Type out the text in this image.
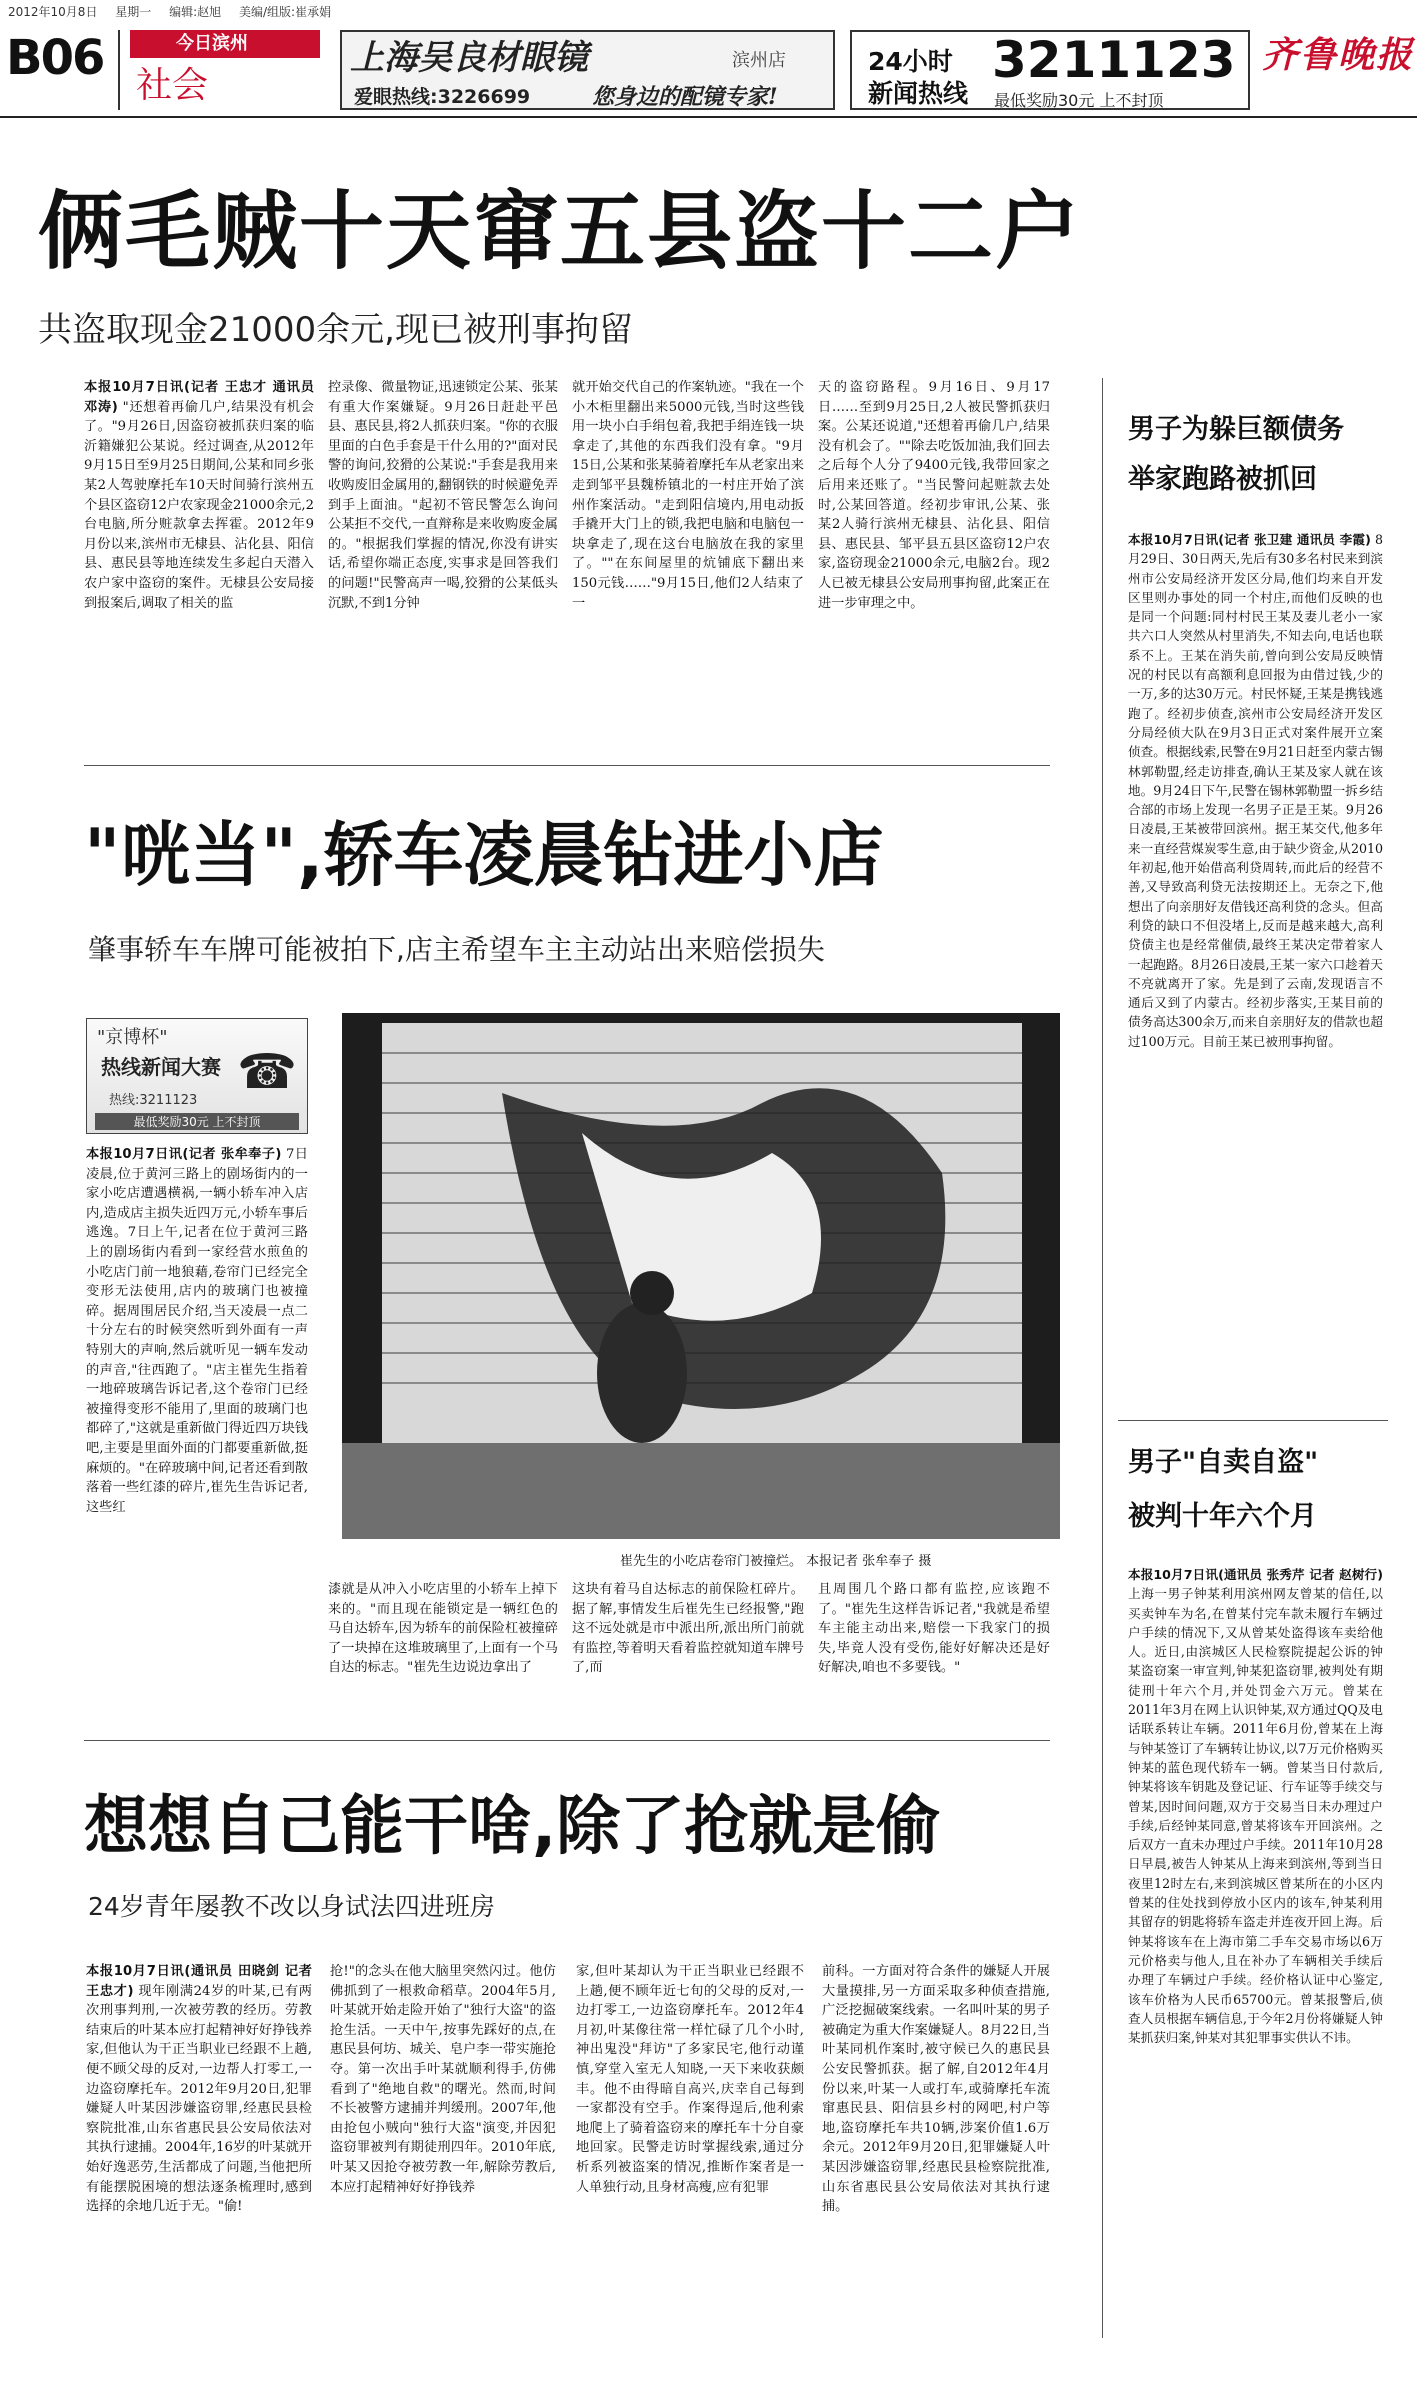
2012年10月8日 星期一 编辑:赵旭 美编/组版:崔承娟
B06	今日滨州
社会
上海吴良材眼镜	滨州店
爱眼热线:3226699	您身边的配镜专家!
24小时
新闻热线
3211123
最低奖励30元 上不封顶
齐鲁晚报
俩毛贼十天窜五县盗十二户
共盗取现金21000余元,现已被刑事拘留
本报10月7日讯(记者 王忠才 通讯员 邓涛) "还想着再偷几户,结果没有机会了。"9月26日,因盗窃被抓获归案的临沂籍嫌犯公某说。经过调查,从2012年9月15日至9月25日期间,公某和同乡张某2人驾驶摩托车10天时间骑行滨州五个县区盗窃12户农家现金21000余元,2台电脑,所分赃款拿去挥霍。2012年9月份以来,滨州市无棣县、沾化县、阳信县、惠民县等地连续发生多起白天潜入农户家中盗窃的案件。无棣县公安局接到报案后,调取了相关的监
控录像、微量物证,迅速锁定公某、张某有重大作案嫌疑。9月26日赶赴平邑县、惠民县,将2人抓获归案。"你的衣服里面的白色手套是干什么用的?"面对民警的询问,狡猾的公某说:"手套是我用来收购废旧金属用的,翻钢铁的时候避免弄到手上面油。"起初不管民警怎么询问公某拒不交代,一直辩称是来收购废金属的。"根据我们掌握的情况,你没有讲实话,希望你端正态度,实事求是回答我们的问题!"民警高声一喝,狡猾的公某低头沉默,不到1分钟
就开始交代自己的作案轨迹。"我在一个小木柜里翻出来5000元钱,当时这些钱用一块小白手绢包着,我把手绢连钱一块拿走了,其他的东西我们没有拿。"9月15日,公某和张某骑着摩托车从老家出来走到邹平县魏桥镇北的一村庄开始了滨州作案活动。"走到阳信境内,用电动扳手撬开大门上的锁,我把电脑和电脑包一块拿走了,现在这台电脑放在我的家里了。""在东间屋里的炕铺底下翻出来150元钱……"9月15日,他们2人结束了一
天的盗窃路程。9月16日、9月17日……至到9月25日,2人被民警抓获归案。公某还说道,"还想着再偷几户,结果没有机会了。""除去吃饭加油,我们回去之后每个人分了9400元钱,我带回家之后用来还账了。"当民警问起赃款去处时,公某回答道。经初步审讯,公某、张某2人骑行滨州无棣县、沾化县、阳信县、惠民县、邹平县五县区盗窃12户农家,盗窃现金21000余元,电脑2台。现2人已被无棣县公安局刑事拘留,此案正在进一步审理之中。
男子为躲巨额债务
举家跑路被抓回
本报10月7日讯(记者 张卫建 通讯员 李霞) 8月29日、30日两天,先后有30多名村民来到滨州市公安局经济开发区分局,他们均来自开发区里则办事处的同一个村庄,而他们反映的也是同一个问题:同村村民王某及妻儿老小一家共六口人突然从村里消失,不知去向,电话也联系不上。王某在消失前,曾向到公安局反映情况的村民以有高额利息回报为由借过钱,少的一万,多的达30万元。村民怀疑,王某是携钱逃跑了。经初步侦查,滨州市公安局经济开发区分局经侦大队在9月3日正式对案件展开立案侦查。根据线索,民警在9月21日赶至内蒙古锡林郭勒盟,经走访排查,确认王某及家人就在该地。9月24日下午,民警在锡林郭勒盟一拆乡结合部的市场上发现一名男子正是王某。9月26日凌晨,王某被带回滨州。据王某交代,他多年来一直经营煤炭零生意,由于缺少资金,从2010年初起,他开始借高利贷周转,而此后的经营不善,又导致高利贷无法按期还上。无奈之下,他想出了向亲朋好友借钱还高利贷的念头。但高利贷的缺口不但没堵上,反而是越来越大,高利贷债主也是经常催债,最终王某决定带着家人一起跑路。8月26日凌晨,王某一家六口趁着天不亮就离开了家。先是到了云南,发现语言不通后又到了内蒙古。经初步落实,王某目前的债务高达300余万,而来自亲朋好友的借款也超过100万元。目前王某已被刑事拘留。
"咣当",轿车凌晨钻进小店
肇事轿车车牌可能被拍下,店主希望车主主动站出来赔偿损失
"京博杯"
热线新闻大赛 ☎
热线:3211123
最低奖励30元 上不封顶
本报10月7日讯(记者 张牟奉子) 7日凌晨,位于黄河三路上的剧场街内的一家小吃店遭遇横祸,一辆小轿车冲入店内,造成店主损失近四万元,小轿车事后逃逸。7日上午,记者在位于黄河三路上的剧场街内看到一家经营水煎鱼的小吃店门前一地狼藉,卷帘门已经完全变形无法使用,店内的玻璃门也被撞碎。据周围居民介绍,当天凌晨一点二十分左右的时候突然听到外面有一声特别大的声响,然后就听见一辆车发动的声音,"往西跑了。"店主崔先生指着一地碎玻璃告诉记者,这个卷帘门已经被撞得变形不能用了,里面的玻璃门也都碎了,"这就是重新做门得近四万块钱吧,主要是里面外面的门都要重新做,挺麻烦的。"在碎玻璃中间,记者还看到散落着一些红漆的碎片,崔先生告诉记者,这些红
崔先生的小吃店卷帘门被撞烂。 本报记者 张牟奉子 摄
漆就是从冲入小吃店里的小轿车上掉下来的。"而且现在能锁定是一辆红色的马自达轿车,因为轿车的前保险杠被撞碎了一块掉在这堆玻璃里了,上面有一个马自达的标志。"崔先生边说边拿出了
这块有着马自达标志的前保险杠碎片。据了解,事情发生后崔先生已经报警,"跑这不远处就是市中派出所,派出所门前就有监控,等着明天看着监控就知道车牌号了,而
且周围几个路口都有监控,应该跑不了。"崔先生这样告诉记者,"我就是希望车主能主动出来,赔偿一下我家门的损失,毕竟人没有受伤,能好好解决还是好好解决,咱也不多要钱。"
男子"自卖自盗"
被判十年六个月
本报10月7日讯(通讯员 张秀芹 记者 赵树行) 上海一男子钟某利用滨州网友曾某的信任,以买卖钟车为名,在曾某付完车款未履行车辆过户手续的情况下,又从曾某处盗得该车卖给他人。近日,由滨城区人民检察院提起公诉的钟某盗窃案一审宣判,钟某犯盗窃罪,被判处有期徒刑十年六个月,并处罚金六万元。曾某在2011年3月在网上认识钟某,双方通过QQ及电话联系转让车辆。2011年6月份,曾某在上海与钟某签订了车辆转让协议,以7万元价格购买钟某的蓝色现代轿车一辆。曾某当日付款后,钟某将该车钥匙及登记证、行车证等手续交与曾某,因时间问题,双方于交易当日未办理过户手续,后经钟某同意,曾某将该车开回滨州。之后双方一直未办理过户手续。2011年10月28日早晨,被告人钟某从上海来到滨州,等到当日夜里12时左右,来到滨城区曾某所在的小区内曾某的住处找到停放小区内的该车,钟某利用其留存的钥匙将轿车盗走并连夜开回上海。后钟某将该车在上海市第二手车交易市场以6万元价格卖与他人,且在补办了车辆相关手续后办理了车辆过户手续。经价格认证中心鉴定,该车价格为人民币65700元。曾某报警后,侦查人员根据车辆信息,于今年2月份将嫌疑人钟某抓获归案,钟某对其犯罪事实供认不讳。
想想自己能干啥,除了抢就是偷
24岁青年屡教不改以身试法四进班房
本报10月7日讯(通讯员 田晓剑 记者 王忠才) 现年刚满24岁的叶某,已有两次刑事判刑,一次被劳教的经历。劳教结束后的叶某本应打起精神好好挣钱养家,但他认为干正当职业已经跟不上趟,便不顾父母的反对,一边帮人打零工,一边盗窃摩托车。2012年9月20日,犯罪嫌疑人叶某因涉嫌盗窃罪,经惠民县检察院批准,山东省惠民县公安局依法对其执行逮捕。2004年,16岁的叶某就开始好逸恶劳,生活都成了问题,当他把所有能摆脱困境的想法逐条梳理时,感到选择的余地几近于无。"偷!
抢!"的念头在他大脑里突然闪过。他仿佛抓到了一根救命稻草。2004年5月,叶某就开始走险开始了"独行大盗"的盗抢生活。一天中午,按事先踩好的点,在惠民县何坊、城关、皂户李一带实施抢夺。第一次出手叶某就顺利得手,仿佛看到了"绝地自救"的曙光。然而,时间不长被警方逮捕并判缓刑。2007年,他由抢包小贼向"独行大盗"演变,并因犯盗窃罪被判有期徒刑四年。2010年底,叶某又因抢夺被劳教一年,解除劳教后,本应打起精神好好挣钱养
家,但叶某却认为干正当职业已经跟不上趟,便不顾年近七旬的父母的反对,一边打零工,一边盗窃摩托车。2012年4月初,叶某像往常一样忙碌了几个小时,神出鬼没"拜访"了多家民宅,他行动谨慎,穿堂入室无人知晓,一天下来收获颇丰。他不由得暗自高兴,庆幸自己每到一家都没有空手。作案得逞后,他利索地爬上了骑着盗窃来的摩托车十分自豪地回家。民警走访时掌握线索,通过分析系列被盗案的情况,推断作案者是一人单独行动,且身材高瘦,应有犯罪
前科。一方面对符合条件的嫌疑人开展大量摸排,另一方面采取多种侦查措施,广泛挖掘破案线索。一名叫叶某的男子被确定为重大作案嫌疑人。8月22日,当叶某同机作案时,被守候已久的惠民县公安民警抓获。据了解,自2012年4月份以来,叶某一人或打车,或骑摩托车流窜惠民县、阳信县乡村的网吧,村户等地,盗窃摩托车共10辆,涉案价值1.6万余元。2012年9月20日,犯罪嫌疑人叶某因涉嫌盗窃罪,经惠民县检察院批准,山东省惠民县公安局依法对其执行逮捕。
